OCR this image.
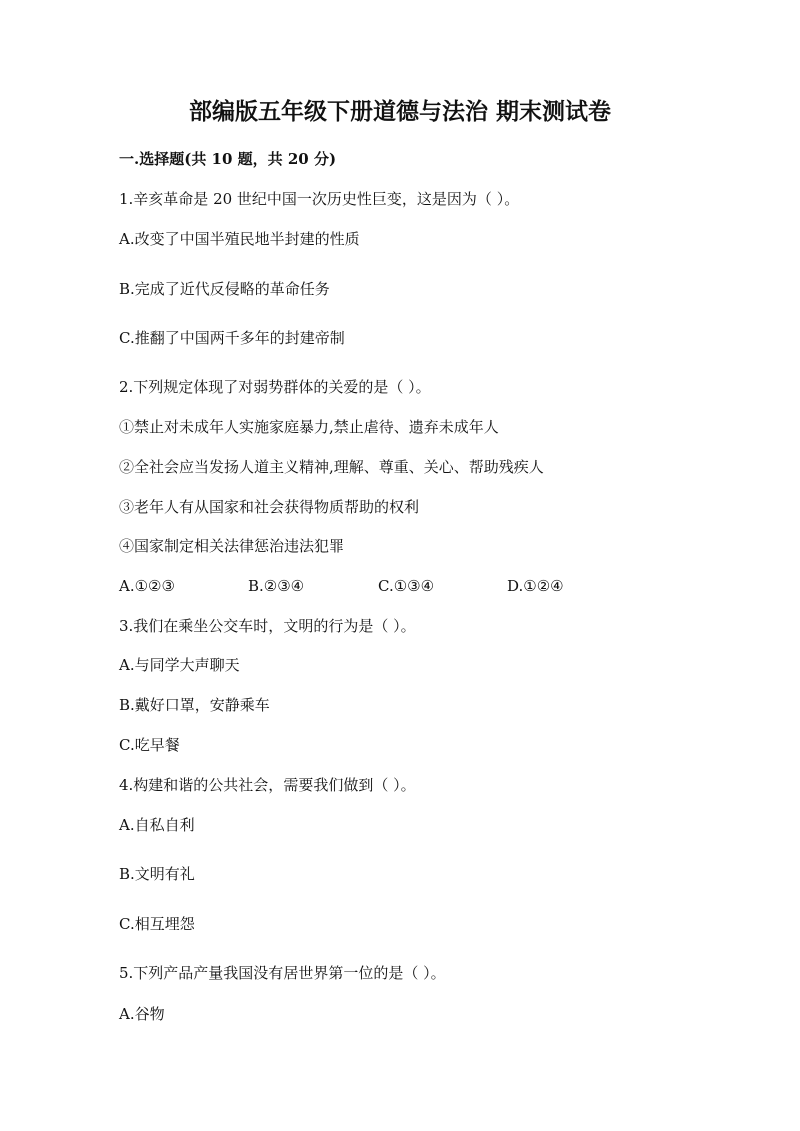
部编版五年级下册道德与法治 期末测试卷
一.选择题(共 10 题，共 20 分)
1.辛亥革命是 20 世纪中国一次历史性巨变，这是因为（ ）。
A.改变了中国半殖民地半封建的性质
B.完成了近代反侵略的革命任务
C.推翻了中国两千多年的封建帝制
2.下列规定体现了对弱势群体的关爱的是（ ）。
①禁止对未成年人实施家庭暴力,禁止虐待、遗弃未成年人
②全社会应当发扬人道主义精神,理解、尊重、关心、帮助残疾人
③老年人有从国家和社会获得物质帮助的权利
④国家制定相关法律惩治违法犯罪
A.①②③	B.②③④	C.①③④	D.①②④
3.我们在乘坐公交车时，文明的行为是（ ）。
A.与同学大声聊天
B.戴好口罩，安静乘车
C.吃早餐
4.构建和谐的公共社会，需要我们做到（ ）。
A.自私自利
B.文明有礼
C.相互埋怨
5.下列产品产量我国没有居世界第一位的是（ ）。
A.谷物
